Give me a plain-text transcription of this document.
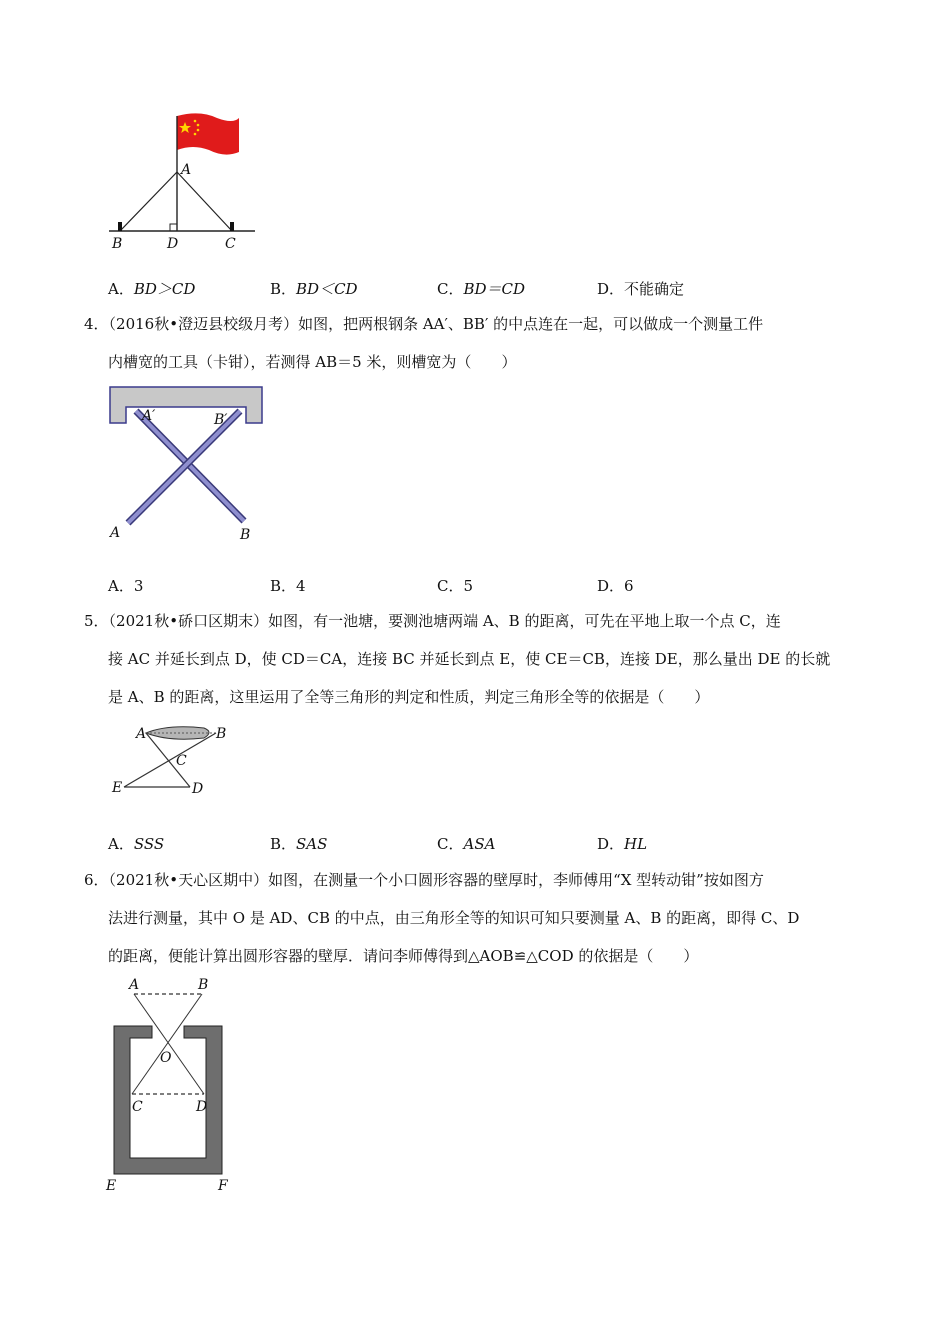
A
B	D	C
A．BD＞CD	B．BD＜CD	C．BD＝CD	D．不能确定
4．（2016秋•澄迈县校级月考）如图，把两根钢条 AA′、BB′ 的中点连在一起，可以做成一个测量工件
内槽宽的工具（卡钳），若测得 AB＝5 米，则槽宽为（　　）
A′	B′
A	B
A．3	B．4	C．5	D．6
5．（2021秋•硚口区期末）如图，有一池塘，要测池塘两端 A、B 的距离，可先在平地上取一个点 C，连
接 AC 并延长到点 D，使 CD＝CA，连接 BC 并延长到点 E，使 CE＝CB，连接 DE，那么量出 DE 的长就
是 A、B 的距离，这里运用了全等三角形的判定和性质，判定三角形全等的依据是（　　）
A	B
C
E	D
A．SSS	B．SAS	C．ASA	D．HL
6．（2021秋•天心区期中）如图，在测量一个小口圆形容器的壁厚时，李师傅用“X 型转动钳”按如图方
法进行测量，其中 O 是 AD、CB 的中点，由三角形全等的知识可知只要测量 A、B 的距离，即得 C、D
的距离，便能计算出圆形容器的壁厚．请问李师傅得到△AOB≌△COD 的依据是（　　）
A	B
O
C	D
E	F
